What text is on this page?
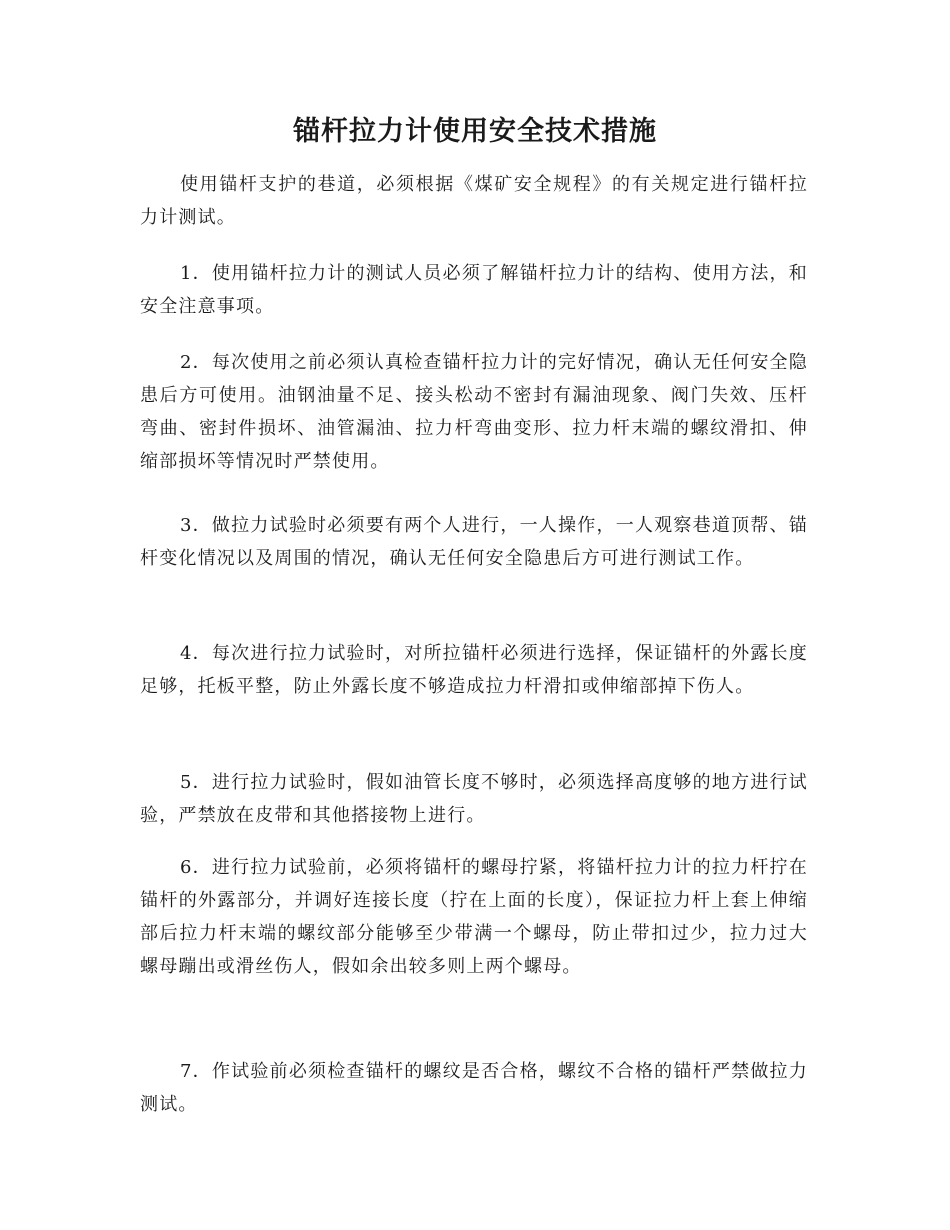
锚杆拉力计使用安全技术措施

使用锚杆支护的巷道，必须根据《煤矿安全规程》的有关规定进行锚杆拉力计测试。

1．使用锚杆拉力计的测试人员必须了解锚杆拉力计的结构、使用方法，和安全注意事项。

2．每次使用之前必须认真检查锚杆拉力计的完好情况，确认无任何安全隐患后方可使用。油钢油量不足、接头松动不密封有漏油现象、阀门失效、压杆弯曲、密封件损坏、油管漏油、拉力杆弯曲变形、拉力杆末端的螺纹滑扣、伸缩部损坏等情况时严禁使用。

3．做拉力试验时必须要有两个人进行，一人操作，一人观察巷道顶帮、锚杆变化情况以及周围的情况，确认无任何安全隐患后方可进行测试工作。

4．每次进行拉力试验时，对所拉锚杆必须进行选择，保证锚杆的外露长度足够，托板平整，防止外露长度不够造成拉力杆滑扣或伸缩部掉下伤人。

5．进行拉力试验时，假如油管长度不够时，必须选择高度够的地方进行试验，严禁放在皮带和其他搭接物上进行。

6．进行拉力试验前，必须将锚杆的螺母拧紧，将锚杆拉力计的拉力杆拧在锚杆的外露部分，并调好连接长度（拧在上面的长度），保证拉力杆上套上伸缩部后拉力杆末端的螺纹部分能够至少带满一个螺母，防止带扣过少，拉力过大螺母蹦出或滑丝伤人，假如余出较多则上两个螺母。

7．作试验前必须检查锚杆的螺纹是否合格，螺纹不合格的锚杆严禁做拉力测试。
